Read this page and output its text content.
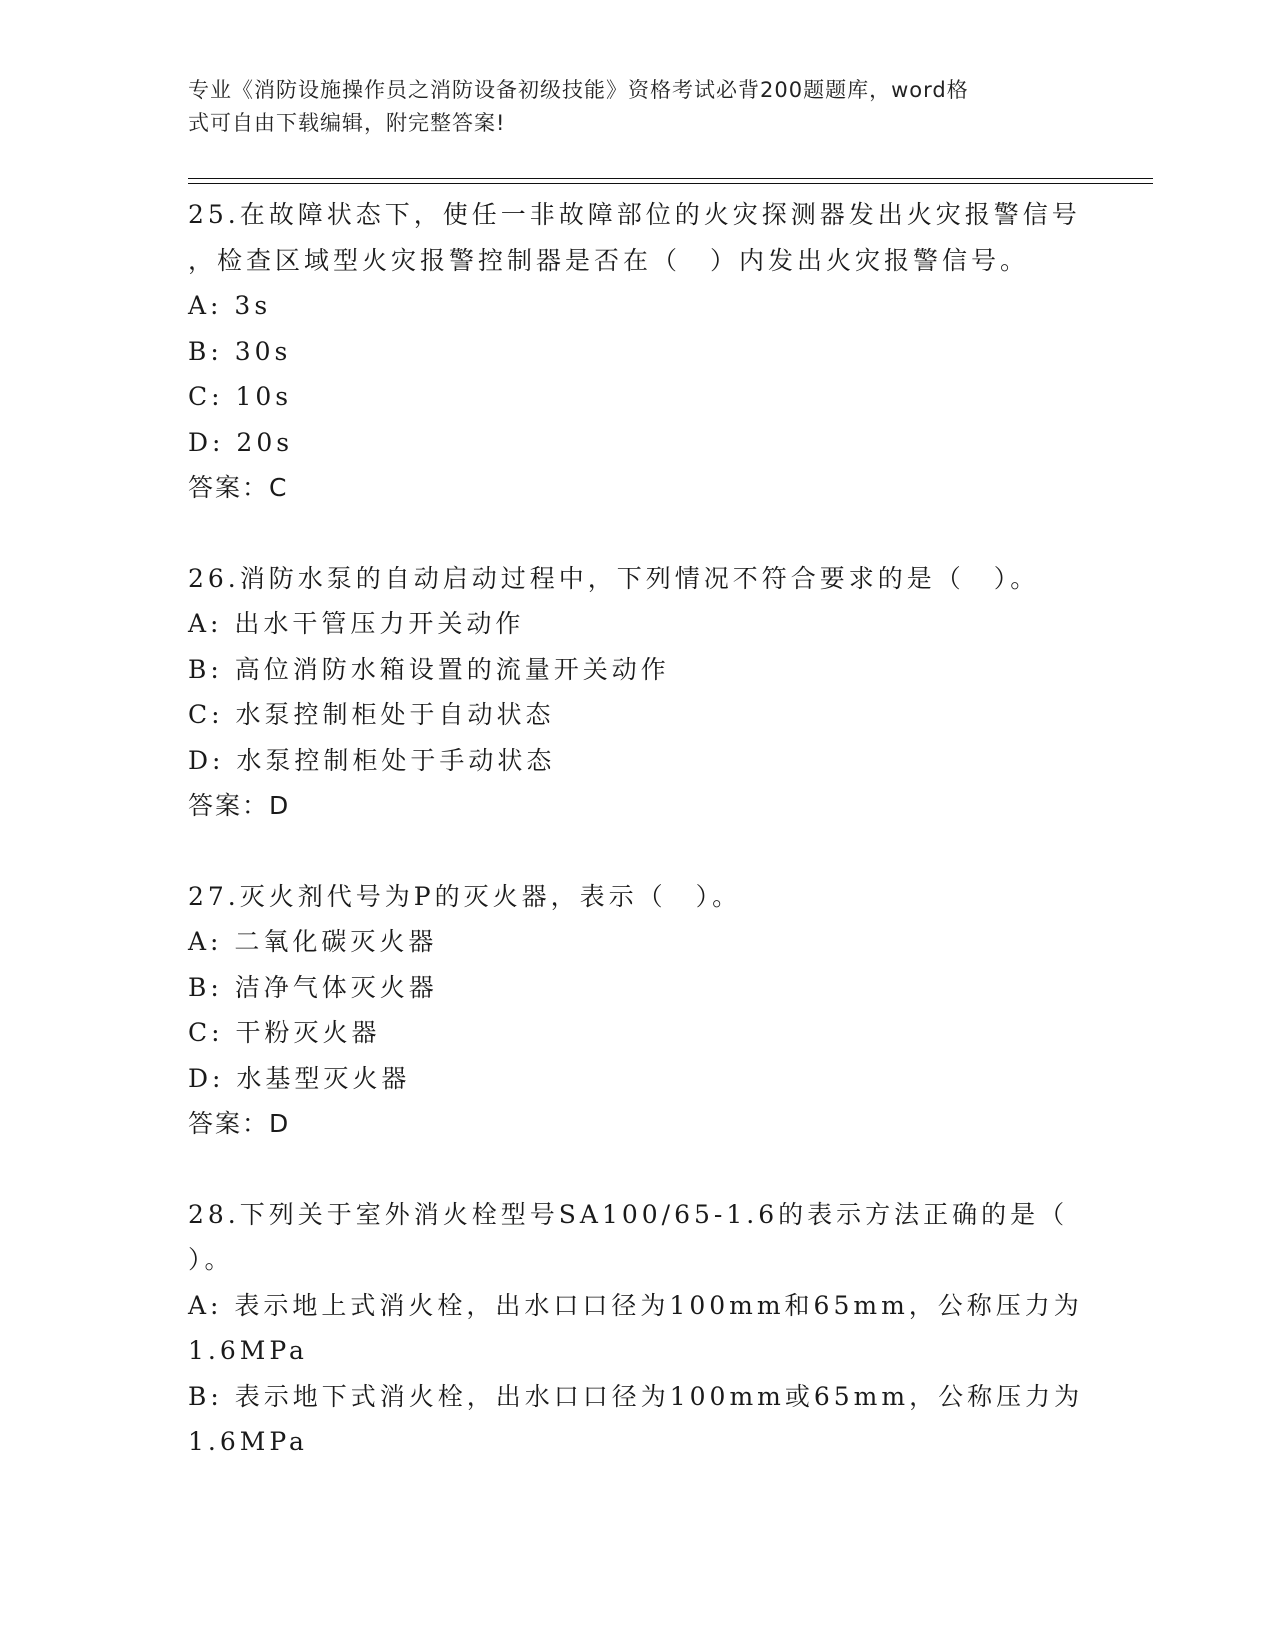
专业《消防设施操作员之消防设备初级技能》资格考试必背200题题库，word格
式可自由下载编辑，附完整答案!
25.在故障状态下，使任一非故障部位的火灾探测器发出火灾报警信号
，检查区域型火灾报警控制器是否在（　）内发出火灾报警信号。
A: 3s
B: 30s
C: 10s
D: 20s
答案：C
26.消防水泵的自动启动过程中，下列情况不符合要求的是（　）。
A: 出水干管压力开关动作
B: 高位消防水箱设置的流量开关动作
C: 水泵控制柜处于自动状态
D: 水泵控制柜处于手动状态
答案：D
27.灭火剂代号为P的灭火器，表示（　）。
A: 二氧化碳灭火器
B: 洁净气体灭火器
C: 干粉灭火器
D: 水基型灭火器
答案：D
28.下列关于室外消火栓型号SA100/65-1.6的表示方法正确的是（
）。
A: 表示地上式消火栓，出水口口径为100mm和65mm，公称压力为
1.6MPa
B: 表示地下式消火栓，出水口口径为100mm或65mm，公称压力为
1.6MPa
